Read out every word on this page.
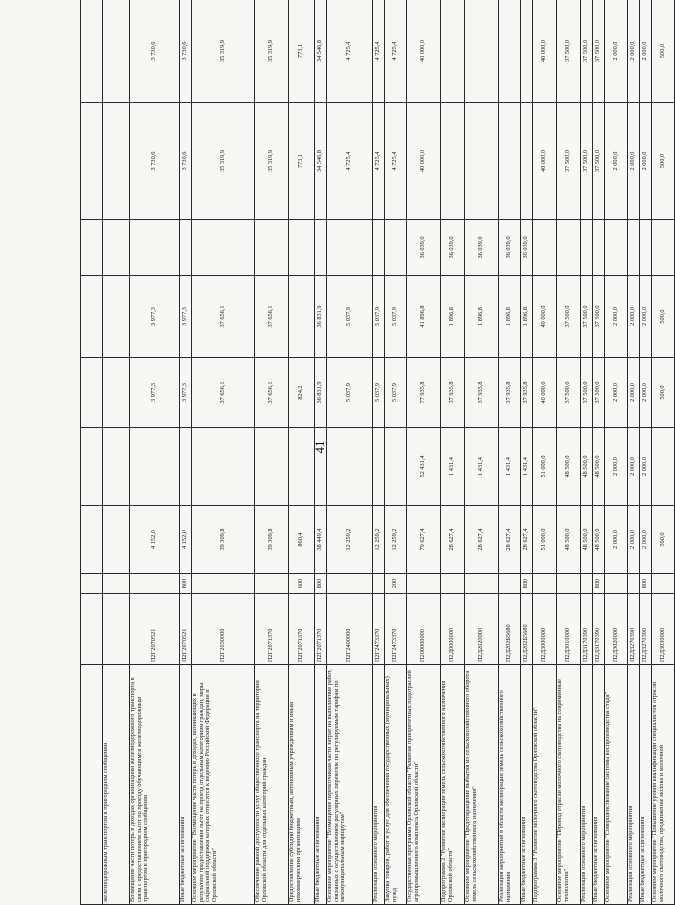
41

железнодорожным транспортом в пригородном сообщении									
Возмещение части потерь в доходах организациям железнодорожного транспорта в связи с предоставлением льгот по проезду обучающимся железнодорожным транспортом в пригородном сообщении	П2Г2070521		4 152,0		3 977,3	3 977,3		3 730,6	3 730,6
Иные бюджетные ассигнования	П2Г2070521	800	4 152,0		3 977,3	3 977,3		3 730,6	3 730,6
Основное мероприятие "Возмещение части потерь в доходах, возникающих в результате предоставления льгот на проезд отдельным категориям граждан, меры социальной поддержки которых относятся к ведению Российской Федерации и Орловской области"	П2Г2030000		39 309,8		37 656,1	37 656,1		35 319,9	35 319,9
Обеспечение равной доступности услуг общественного транспорта на территории Орловской области для отдельных категорий граждан	П2Г2071370		39 309,8		37 656,1	37 656,1		35 319,9	35 319,9
Предоставление субсидий бюджетным, автономным учреждениям и иным некоммерческим организациям	П2Г2071370	600	860,4		824,2			773,1	773,1
Иные бюджетные ассигнования	П2Г2071370	800	38 449,4		36 831,9	36 831,9		34 546,8	34 546,8
Основное мероприятие "Возмещение перевозчикам части затрат на выполнение работ, связанных с осуществлением регулярных перевозок по регулируемым тарифам по межмуниципальным маршрутам"	П2Г2400000		12 259,2		5 037,9	5 037,9		4 725,4	4 725,4
Реализация основного мероприятия	П2Г2473370		12 259,2		5 037,9	5 037,9		4 725,4	4 725,4
Закупка товаров, работ и услуг для обеспечения государственных (муниципальных) нужд	П2Г2473370	200	12 259,2		5 037,9	5 037,9		4 725,4	4 725,4
Государственная программа Орловской области "Развитие приоритетных подотраслей агропромышленного комплекса Орловской области"	П200000000		79 627,4	52 431,4	77 935,8	41 896,8	36 039,0	40 000,0	40 000,0
Подпрограмма 2 "Развитие мелиорации земель сельскохозяйственного назначения Орловской области"	П2Д0000000		28 627,4	1 431,4	37 935,8	1 896,8	36 039,0		
Основное мероприятие "Предотвращение выбытия из сельскохозяйственного оборота земель сельскохозяйственного назначения"	П2Д2020000		28 627,4	1 431,4	37 935,8	1 896,8	36 039,0		
Реализация мероприятий в области мелиорации земель сельскохозяйственного назначения	П2Д202Б5680		28 627,4	1 431,4	37 935,8	1 896,8	36 039,0		
Иные бюджетные ассигнования	П2Д202Б5680	800	28 627,4	1 431,4	37 935,8	1 896,8	36 039,0		
Подпрограмма 3 "Развитие молочного скотоводства Орловской области"	П2Д3000000		51 000,0	51 000,0	40 000,0	40 000,0		40 000,0	40 000,0
Основное мероприятие "Перевод отрасли молочного скотоводства на современные технологии"	П2Д3010000		48 500,0	48 500,0	37 500,0	37 500,0		37 500,0	37 500,0
Реализация основного мероприятия	П2Д3170390		48 500,0	48 500,0	37 500,0	37 500,0		37 500,0	37 500,0
Иные бюджетные ассигнования	П2Д3170390	800	48 500,0	48 500,0	37 500,0	37 500,0		37 500,0	37 500,0
Основное мероприятие "Совершенствование системы воспроизводства стада"	П2Д3020000		2 000,0	2 000,0	2 000,0	2 000,0		2 000,0	2 000,0
Реализация основного мероприятия	П2Д3270390		2 000,0	2 000,0	2 000,0	2 000,0		2 000,0	2 000,0
Иные бюджетные ассигнования	П2Д3270390	800	2 000,0	2 000,0	2 000,0	2 000,0		2 000,0	2 000,0
Основное мероприятие "Повышение уровня квалификации специалистов отрасли молочного скотоводства, продвижение молока и молочной	П2Д3030000		500,0		500,0	500,0		500,0	500,0
